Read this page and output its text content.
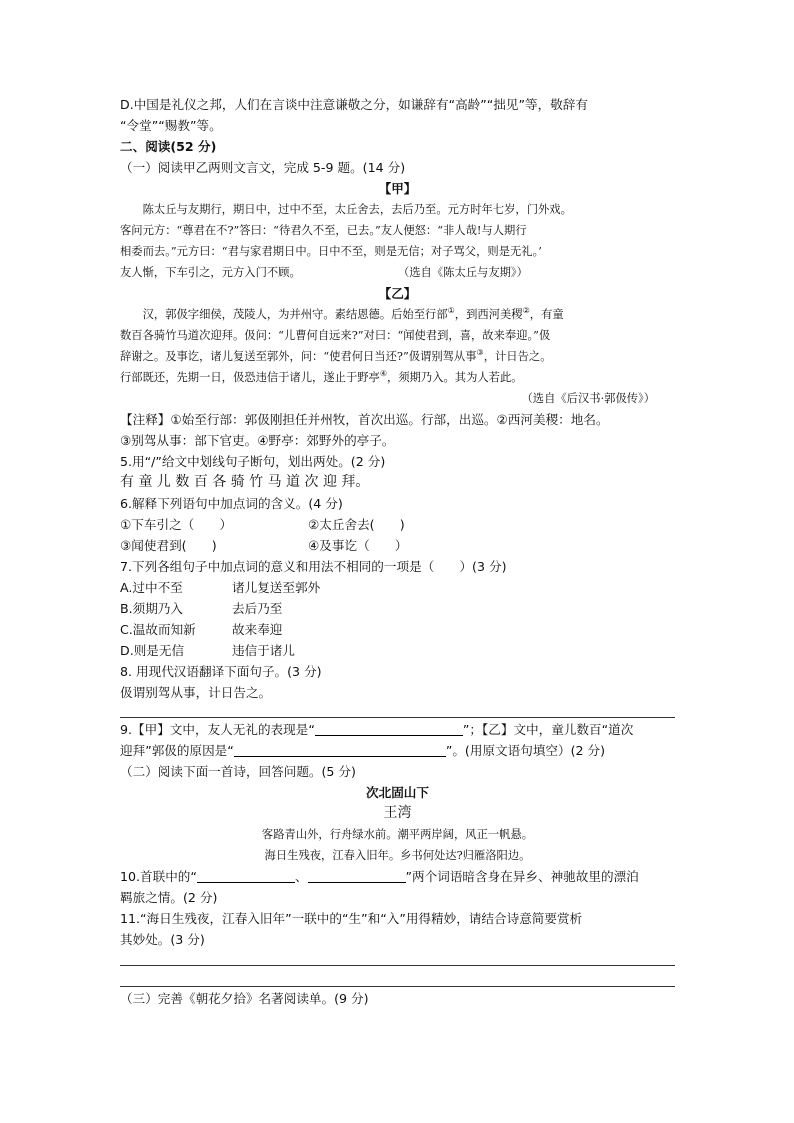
D.中国是礼仪之邦，人们在言谈中注意谦敬之分，如谦辞有“高龄”“拙见”等，敬辞有
“令堂”“赐教”等。
二、阅读(52 分)
（一）阅读甲乙两则文言文，完成 5-9 题。(14 分)
【甲】
陈太丘与友期行，期日中，过中不至，太丘舍去，去后乃至。元方时年七岁，门外戏。
客问元方：“尊君在不?”答曰：“待君久不至，已去。”友人便怒：“非人哉!与人期行
相委而去。”元方曰：“君与家君期日中。日中不至，则是无信；对子骂父，则是无礼。’
友人惭，下车引之，元方入门不顾。	（选自《陈太丘与友期》）
【乙】
汉，郭伋字细侯，茂陵人，为并州守。素结恩德。后始至行部①，到西河美稷②，有童
数百各骑竹马道次迎拜。伋问：“儿曹何自远来?”对曰：“闻使君到，喜，故来奉迎。”伋
辞谢之。及事讫，诸儿复送至郭外，问：“使君何日当还?”伋谓别驾从事③，计日告之。
行部既还，先期一日，伋恐违信于诸儿，遂止于野亭④，须期乃入。其为人若此。
（选自《后汉书·郭伋传》）
【注释】①始至行部：郭伋刚担任并州牧，首次出巡。行部，出巡。②西河美稷：地名。
③别驾从事：部下官吏。④野亭：郊野外的亭子。
5.用“/”给文中划线句子断句，划出两处。(2 分)
有 童 儿 数 百 各 骑 竹 马 道 次 迎 拜。
6.解释下列语句中加点词的含义。(4 分)
①下车引之（　　）	②太丘舍去(　　)
③闻使君到(　　)	④及事讫（　　）
7.下列各组句子中加点词的意义和用法不相同的一项是（　　）(3 分)
A.过中不至	诸儿复送至郭外
B.须期乃入	去后乃至
C.温故而知新	故来奉迎
D.则是无信	违信于诸儿
8. 用现代汉语翻译下面句子。(3 分)
伋谓别驾从事，计日告之。
9.【甲】文中，友人无礼的表现是“	”；【乙】文中，童儿数百“道次
迎拜”郭伋的原因是“	”。(用原文语句填空）(2 分)
（二）阅读下面一首诗，回答问题。(5 分)
次北固山下
王湾
客路青山外，行舟绿水前。潮平两岸阔，风正一帆悬。
海日生残夜，江春入旧年。乡书何处达?归雁洛阳边。
10.首联中的“	、	”两个词语暗含身在异乡、神驰故里的漂泊
羁旅之情。(2 分)
11.“海日生残夜，江春入旧年”一联中的“生”和“入”用得精妙，请结合诗意简要赏析
其妙处。(3 分)
（三）完善《朝花夕拾》名著阅读单。(9 分)
